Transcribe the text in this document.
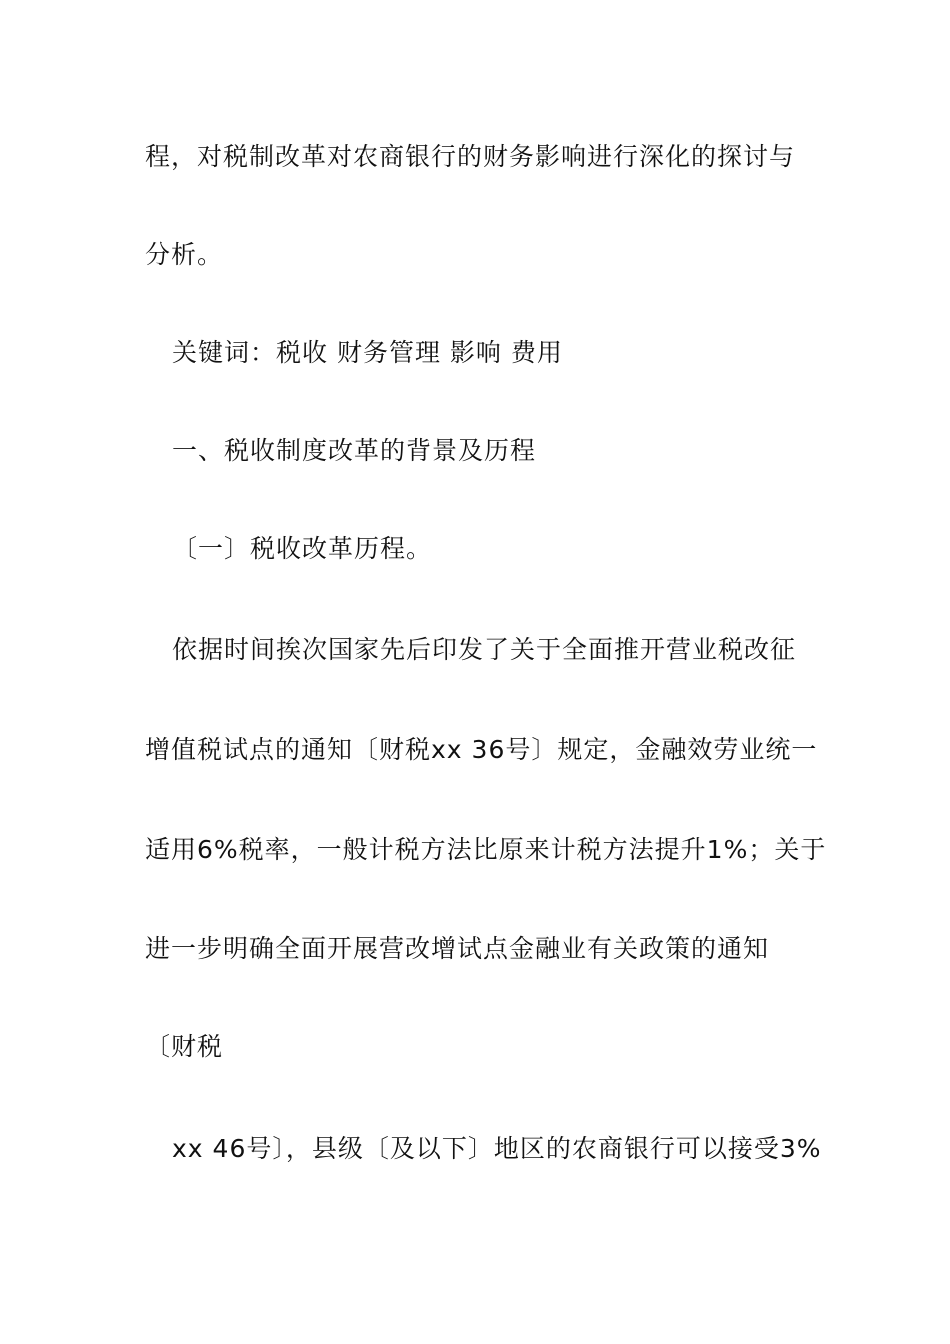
程，对税制改革对农商银行的财务影响进行深化的探讨与
分析。
关键词：税收 财务管理 影响 费用
一、税收制度改革的背景及历程
〔一〕税收改革历程。
依据时间挨次国家先后印发了关于全面推开营业税改征
增值税试点的通知〔财税xx 36号〕规定，金融效劳业统一
适用6%税率，一般计税方法比原来计税方法提升1%；关于
进一步明确全面开展营改增试点金融业有关政策的通知
〔财税
xx 46号〕，县级〔及以下〕地区的农商银行可以接受3%
